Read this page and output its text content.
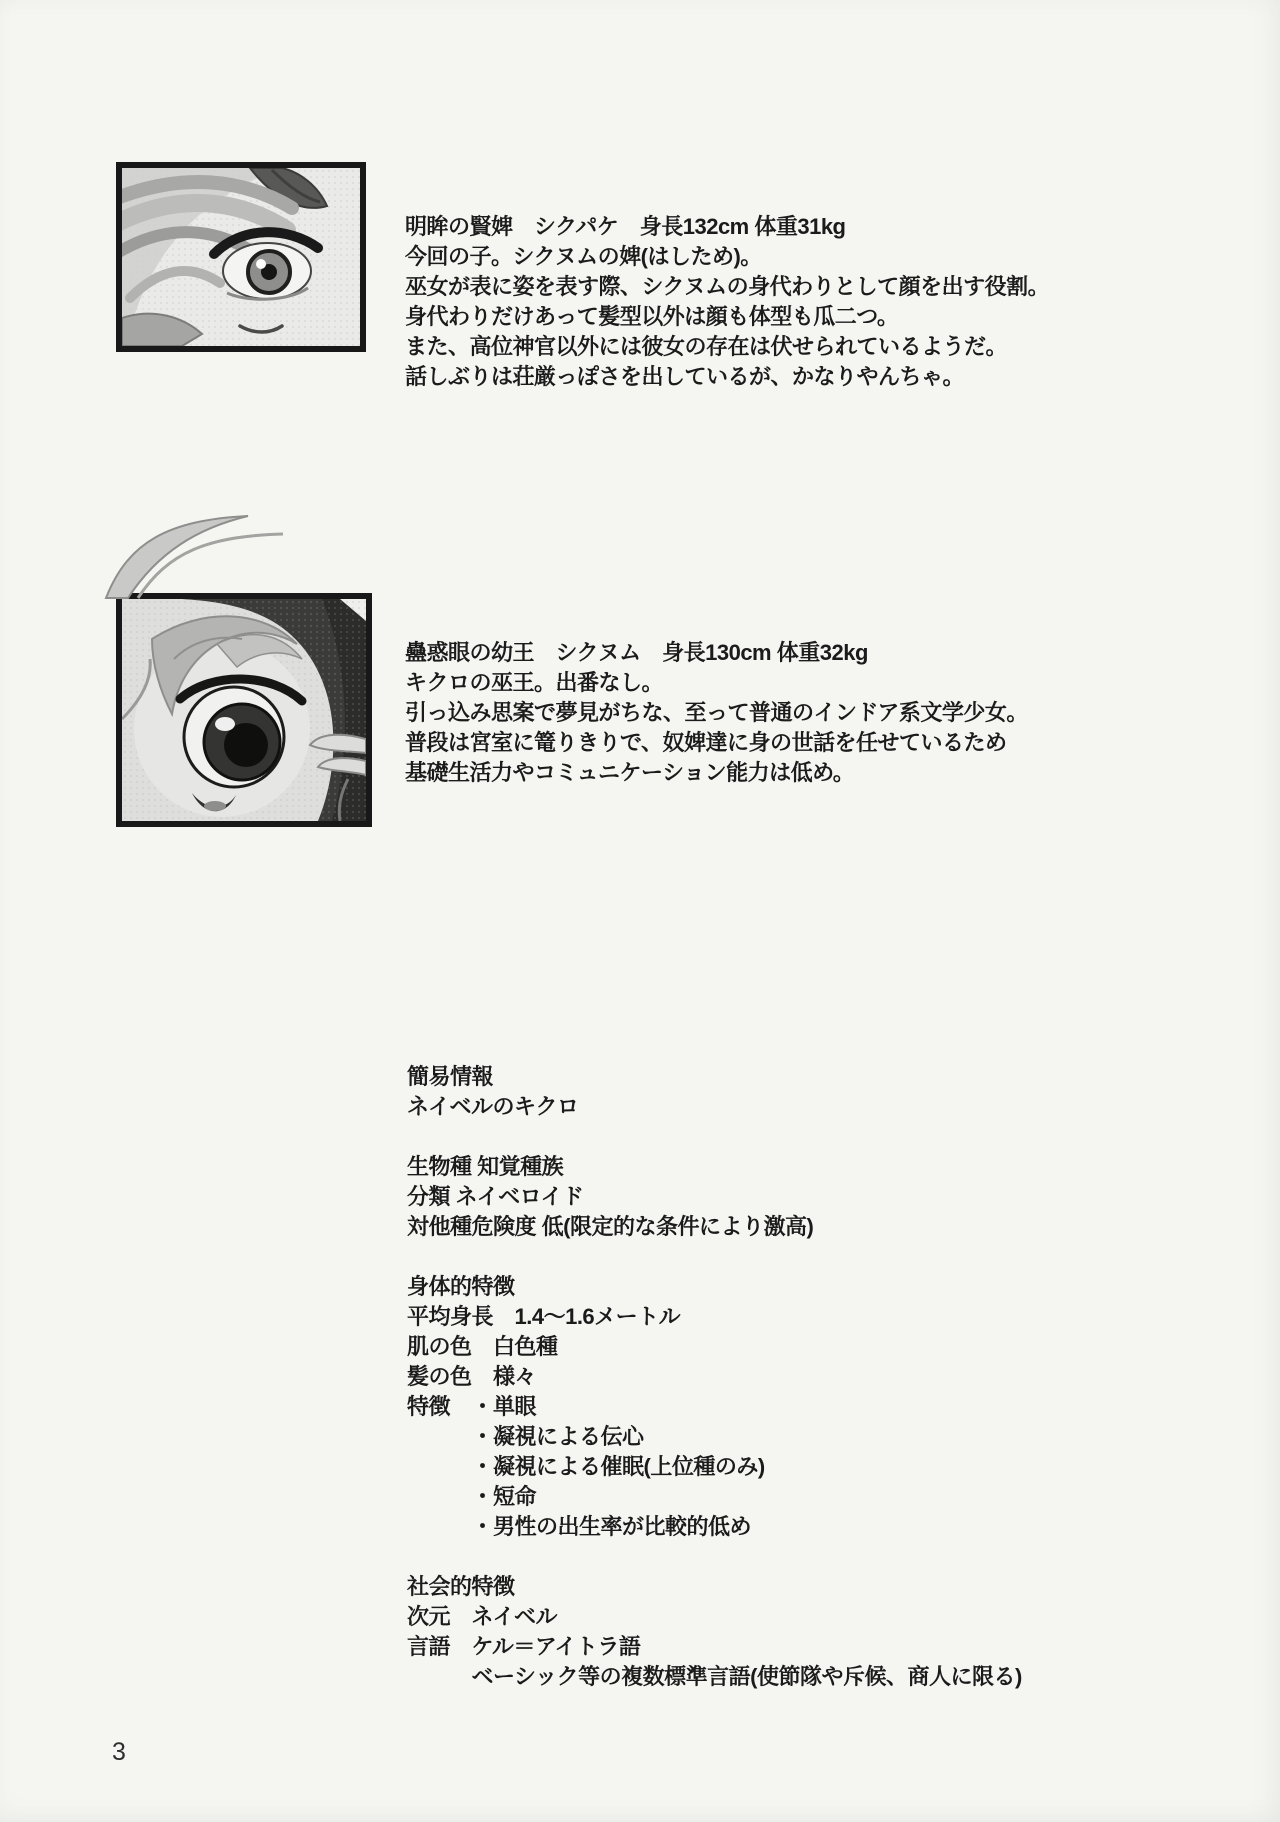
明眸の賢婢　シクパケ　身長132cm 体重31kg
今回の子。シクヌムの婢(はしため)。
巫女が表に姿を表す際、シクヌムの身代わりとして顔を出す役割。
身代わりだけあって髪型以外は顔も体型も瓜二つ。
また、高位神官以外には彼女の存在は伏せられているようだ。
話しぶりは荘厳っぽさを出しているが、かなりやんちゃ。
蠱惑眼の幼王　シクヌム　身長130cm 体重32kg
キクロの巫王。出番なし。
引っ込み思案で夢見がちな、至って普通のインドア系文学少女。
普段は宮室に篭りきりで、奴婢達に身の世話を任せているため
基礎生活力やコミュニケーション能力は低め。
簡易情報
ネイベルのキクロ
生物種 知覚種族
分類 ネイベロイド
対他種危険度 低(限定的な条件により激高)
身体的特徴
平均身長　1.4～1.6メートル
肌の色　白色種
髪の色　様々
特徴　・単眼
　　　・凝視による伝心
　　　・凝視による催眠(上位種のみ)
　　　・短命
　　　・男性の出生率が比較的低め
社会的特徴
次元　ネイベル
言語　ケル＝アイトラ語
　　　ベーシック等の複数標準言語(使節隊や斥候、商人に限る)
3
